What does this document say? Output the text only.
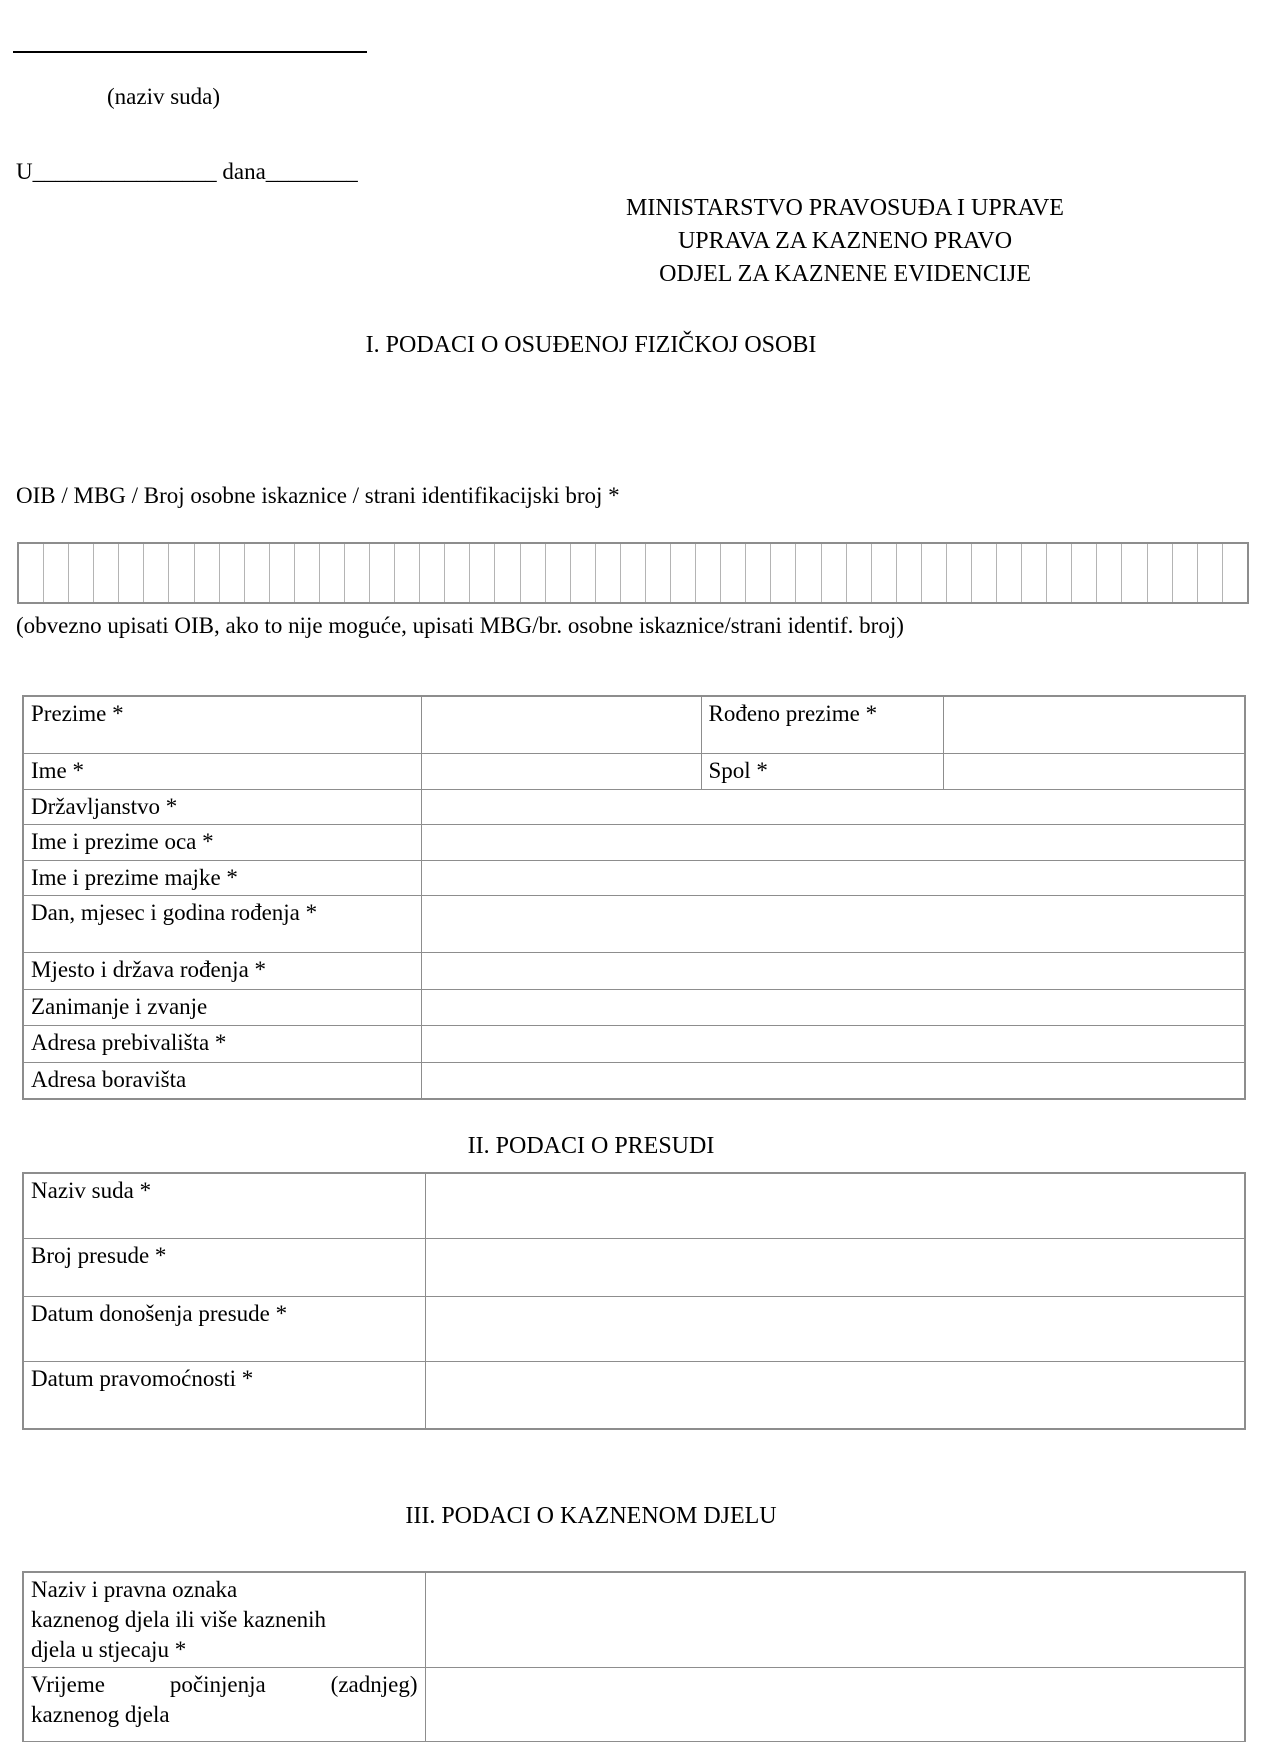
(naziv suda)
U________________ dana________
MINISTARSTVO PRAVOSUĐA I UPRAVE
UPRAVA ZA KAZNENO PRAVO
ODJEL ZA KAZNENE EVIDENCIJE
I. PODACI O OSUĐENOJ FIZIČKOJ OSOBI
OIB / MBG / Broj osobne iskaznice / strani identifikacijski broj *
(obvezno upisati OIB, ako to nije moguće, upisati MBG/br. osobne iskaznice/strani identif. broj)
Prezime *		Rođeno prezime *	
Ime *		Spol *	
Državljanstvo *			
Ime i prezime oca *			
Ime i prezime majke *			
Dan, mjesec i godina rođenja *			
Mjesto i država rođenja *			
Zanimanje i zvanje			
Adresa prebivališta *			
Adresa boravišta			
II. PODACI O PRESUDI
Naziv suda *	
Broj presude *	
Datum donošenja presude *	
Datum pravomoćnosti *	
III. PODACI O KAZNENOM DJELU
Naziv i pravna oznaka
kaznenog djela ili više kaznenih
djela u stjecaju *	

Vrijeme počinjenja (zadnjeg)
kaznenog djela	
